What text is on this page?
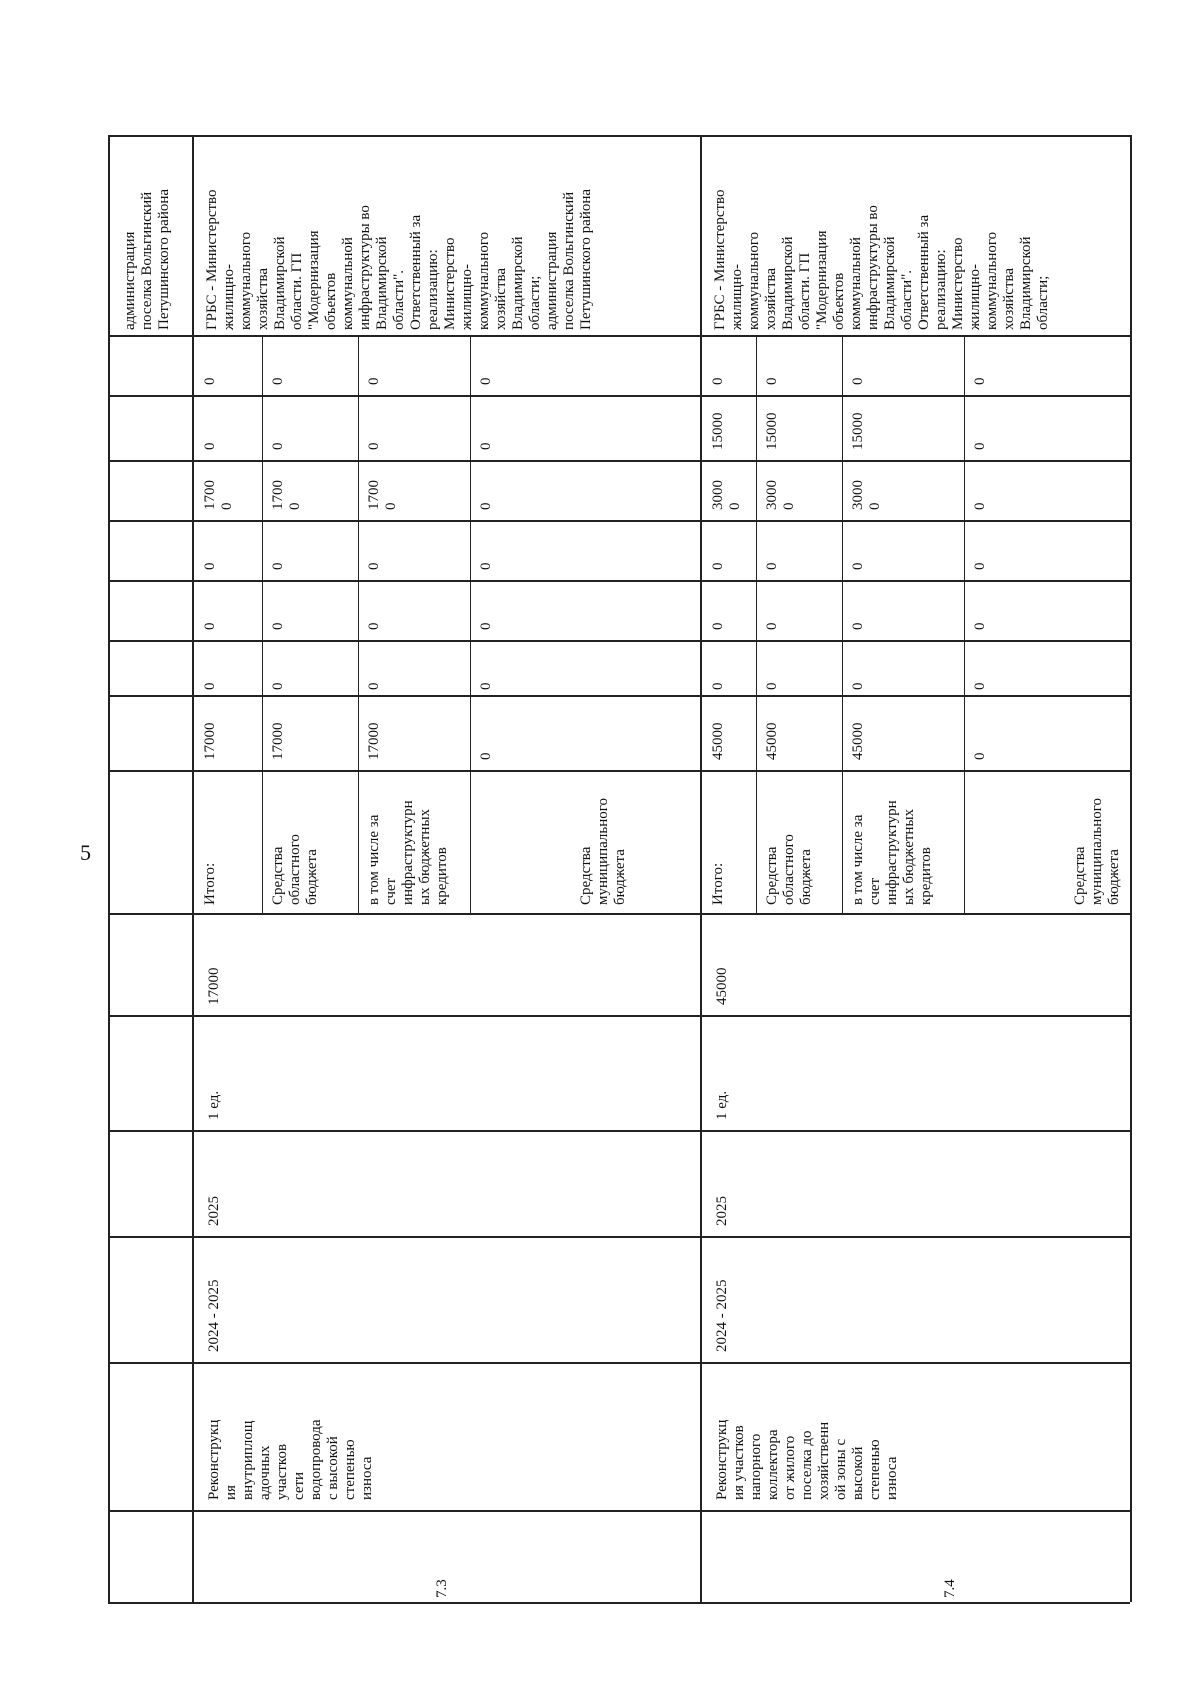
5
администрация
поселка Вольгинский
Петушинского района
7.3
Реконструкц
ия
внутриплощ
адочных
участков
сети
водопровода
с высокой
степенью
износа
2024 - 2025
2025
1 ед.
17000
Итого:
17000
0
0
0
1700
0
0
0
Средства
областного
бюджета
17000
0
0
0
1700
0
0
0
в том числе за
счет
инфраструктурн
ых бюджетных
кредитов
17000
0
0
0
1700
0
0
0
Средства
муниципального
бюджета
0
0
0
0
0
0
0
ГРБС - Министерство
жилищно-
коммунального
хозяйства
Владимирской
области. ГП
"Модернизация
объектов
коммунальной
инфраструктуры во
Владимирской
области".
Ответственный за
реализацию:
Министерство
жилищно-
коммунального
хозяйства
Владимирской
области;
администрация
поселка Вольгинский
Петушинского района
7.4
Реконструкц
ия участков
напорного
коллектора
от жилого
поселка до
хозяйственн
ой зоны с
высокой
степенью
износа
2024 - 2025
2025
1 ед.
45000
Итого:
45000
0
0
0
3000
0
15000
0
Средства
областного
бюджета
45000
0
0
0
3000
0
15000
0
в том числе за
счет
инфраструктурн
ых бюджетных
кредитов
45000
0
0
0
3000
0
15000
0
Средства
муниципального
бюджета
0
0
0
0
0
0
0
ГРБС - Министерство
жилищно-
коммунального
хозяйства
Владимирской
области. ГП
"Модернизация
объектов
коммунальной
инфраструктуры во
Владимирской
области".
Ответственный за
реализацию:
Министерство
жилищно-
коммунального
хозяйства
Владимирской
области;
